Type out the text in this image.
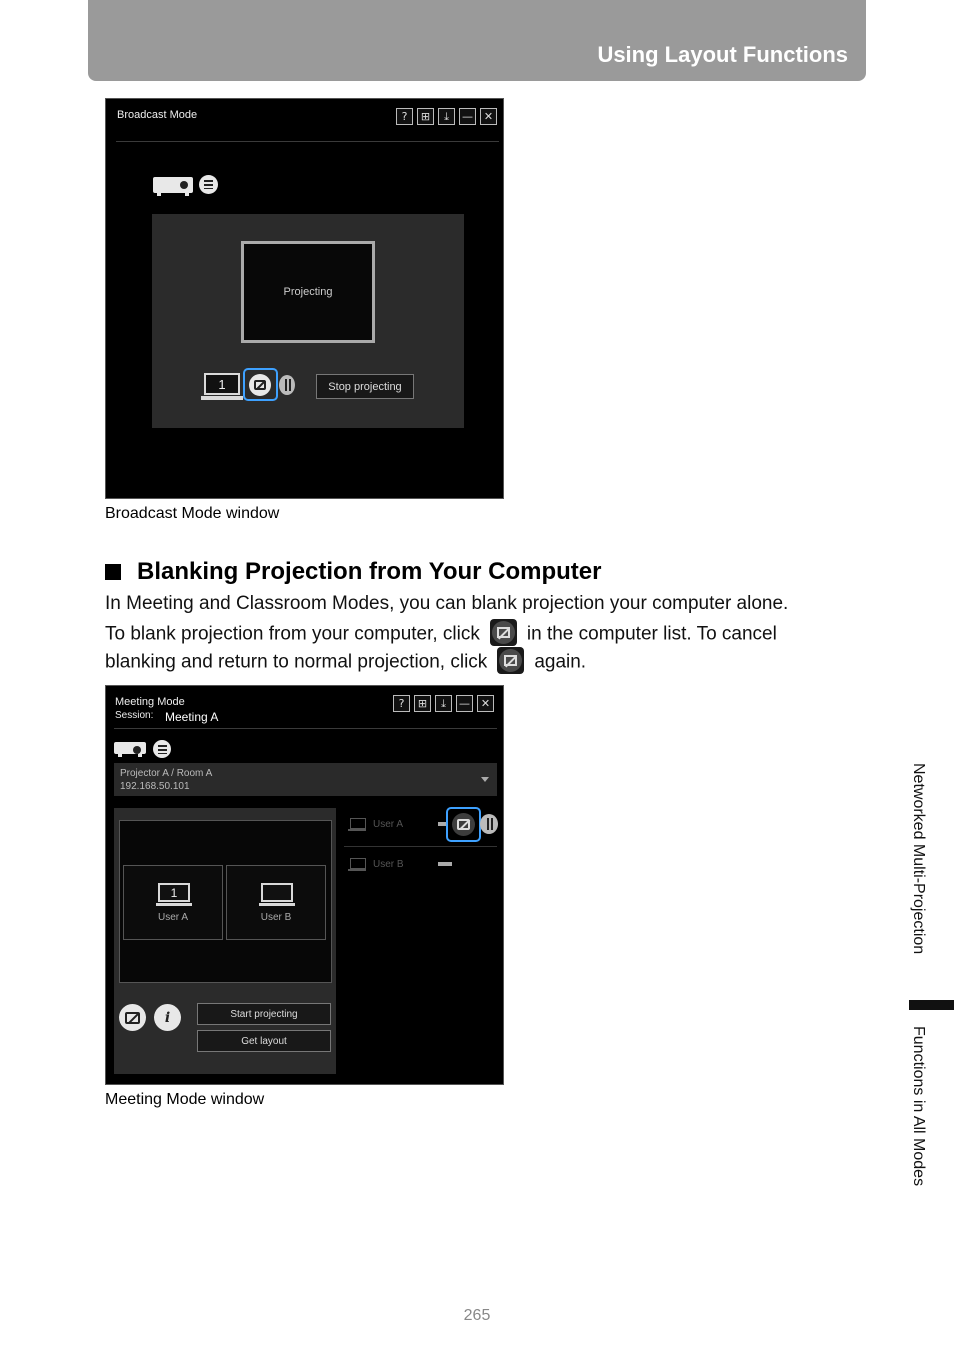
Using Layout Functions
Broadcast Mode	?	⊞	⤓	— ✕
Projecting
1	Stop projecting
Broadcast Mode window
Blanking Projection from Your Computer
In Meeting and Classroom Modes, you can blank projection your computer alone.
To blank projection from your computer, click in the computer list. To cancel
blanking and return to normal projection, click again.
Meeting Mode
Session: Meeting A
?	⊞	⤓	— ✕
Projector A / Room A
192.168.50.101
1
User A	User B
i	Start projecting
Get layout
User A
User B
Meeting Mode window
Networked Multi-Projection
Functions in All Modes
265
